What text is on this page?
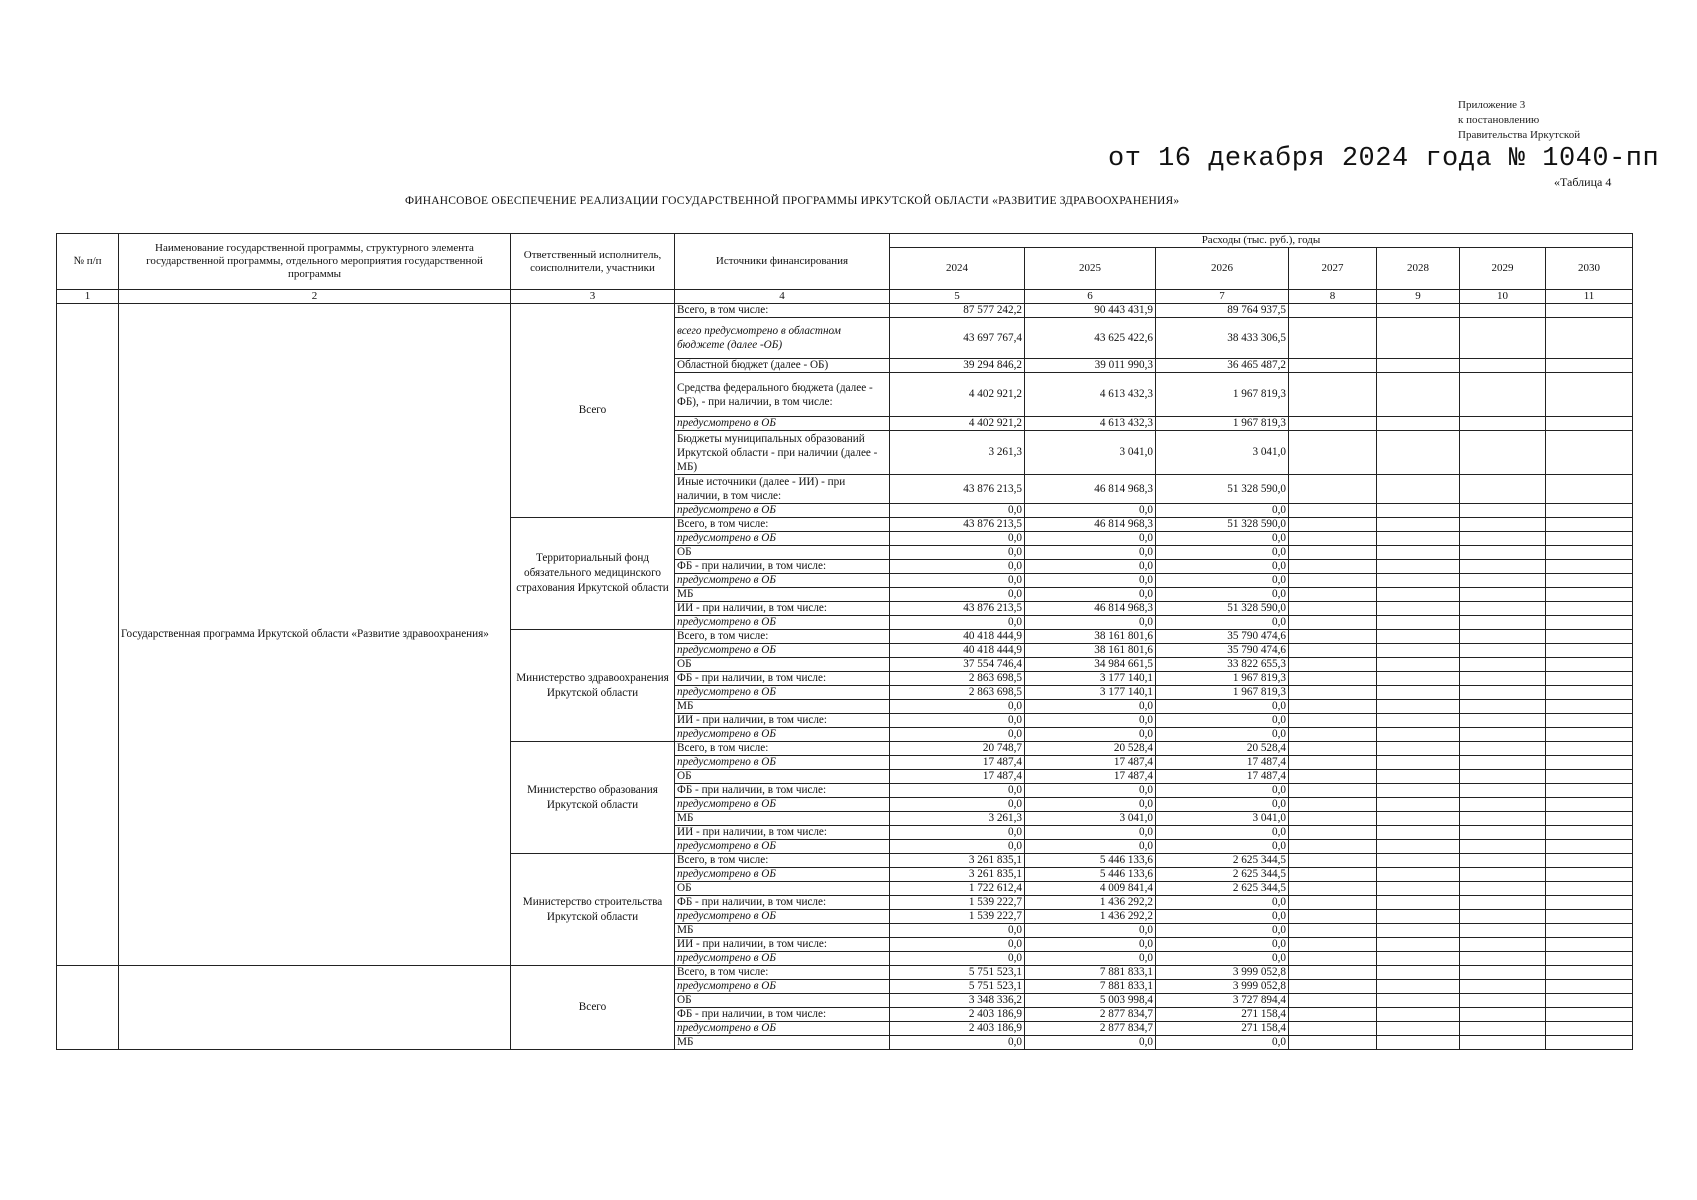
Приложение 3
к постановлению
Правительства Иркутской
от 16 декабря 2024 года № 1040-пп
«Таблица 4
ФИНАНСОВОЕ ОБЕСПЕЧЕНИЕ РЕАЛИЗАЦИИ ГОСУДАРСТВЕННОЙ ПРОГРАММЫ ИРКУТСКОЙ ОБЛАСТИ «РАЗВИТИЕ ЗДРАВООХРАНЕНИЯ»
№ п/п	Наименование государственной программы, структурного элемента государственной программы, отдельного мероприятия государственной программы	Ответственный исполнитель, соисполнители, участники	Источники финансирования	Расходы (тыс. руб.), годы						
				2024	2025	2026	2027	2028	2029	2030
1	2	3	4	5	6	7	8	9	10	11
	Государственная программа Иркутской области «Развитие здравоохранения»	Всего	Всего, в том числе:	87 577 242,2	90 443 431,9	89 764 937,5				
			всего предусмотрено в областном бюджете (далее -ОБ)	43 697 767,4	43 625 422,6	38 433 306,5				
			Областной бюджет (далее - ОБ)	39 294 846,2	39 011 990,3	36 465 487,2				
			Средства федерального бюджета (далее - ФБ), - при наличии, в том числе:	4 402 921,2	4 613 432,3	1 967 819,3				
			предусмотрено в ОБ	4 402 921,2	4 613 432,3	1 967 819,3				
			Бюджеты муниципальных образований Иркутской области - при наличии (далее - МБ)	3 261,3	3 041,0	3 041,0				
			Иные источники (далее - ИИ) - при наличии, в том числе:	43 876 213,5	46 814 968,3	51 328 590,0				
			предусмотрено в ОБ	0,0	0,0	0,0				
		Территориальный фонд обязательного медицинского страхования Иркутской области	Всего, в том числе:	43 876 213,5	46 814 968,3	51 328 590,0				
			предусмотрено в ОБ	0,0	0,0	0,0				
			ОБ	0,0	0,0	0,0				
			ФБ - при наличии, в том числе:	0,0	0,0	0,0				
			предусмотрено в ОБ	0,0	0,0	0,0				
			МБ	0,0	0,0	0,0				
			ИИ - при наличии, в том числе:	43 876 213,5	46 814 968,3	51 328 590,0				
			предусмотрено в ОБ	0,0	0,0	0,0				
		Министерство здравоохранения Иркутской области	Всего, в том числе:	40 418 444,9	38 161 801,6	35 790 474,6				
			предусмотрено в ОБ	40 418 444,9	38 161 801,6	35 790 474,6				
			ОБ	37 554 746,4	34 984 661,5	33 822 655,3				
			ФБ - при наличии, в том числе:	2 863 698,5	3 177 140,1	1 967 819,3				
			предусмотрено в ОБ	2 863 698,5	3 177 140,1	1 967 819,3				
			МБ	0,0	0,0	0,0				
			ИИ - при наличии, в том числе:	0,0	0,0	0,0				
			предусмотрено в ОБ	0,0	0,0	0,0				
		Министерство образования Иркутской области	Всего, в том числе:	20 748,7	20 528,4	20 528,4				
			предусмотрено в ОБ	17 487,4	17 487,4	17 487,4				
			ОБ	17 487,4	17 487,4	17 487,4				
			ФБ - при наличии, в том числе:	0,0	0,0	0,0				
			предусмотрено в ОБ	0,0	0,0	0,0				
			МБ	3 261,3	3 041,0	3 041,0				
			ИИ - при наличии, в том числе:	0,0	0,0	0,0				
			предусмотрено в ОБ	0,0	0,0	0,0				
		Министерство строительства Иркутской области	Всего, в том числе:	3 261 835,1	5 446 133,6	2 625 344,5				
			предусмотрено в ОБ	3 261 835,1	5 446 133,6	2 625 344,5				
			ОБ	1 722 612,4	4 009 841,4	2 625 344,5				
			ФБ - при наличии, в том числе:	1 539 222,7	1 436 292,2	0,0				
			предусмотрено в ОБ	1 539 222,7	1 436 292,2	0,0				
			МБ	0,0	0,0	0,0				
			ИИ - при наличии, в том числе:	0,0	0,0	0,0				
			предусмотрено в ОБ	0,0	0,0	0,0				
		Всего	Всего, в том числе:	5 751 523,1	7 881 833,1	3 999 052,8				
			предусмотрено в ОБ	5 751 523,1	7 881 833,1	3 999 052,8				
			ОБ	3 348 336,2	5 003 998,4	3 727 894,4				
			ФБ - при наличии, в том числе:	2 403 186,9	2 877 834,7	271 158,4				
			предусмотрено в ОБ	2 403 186,9	2 877 834,7	271 158,4				
			МБ	0,0	0,0	0,0				
